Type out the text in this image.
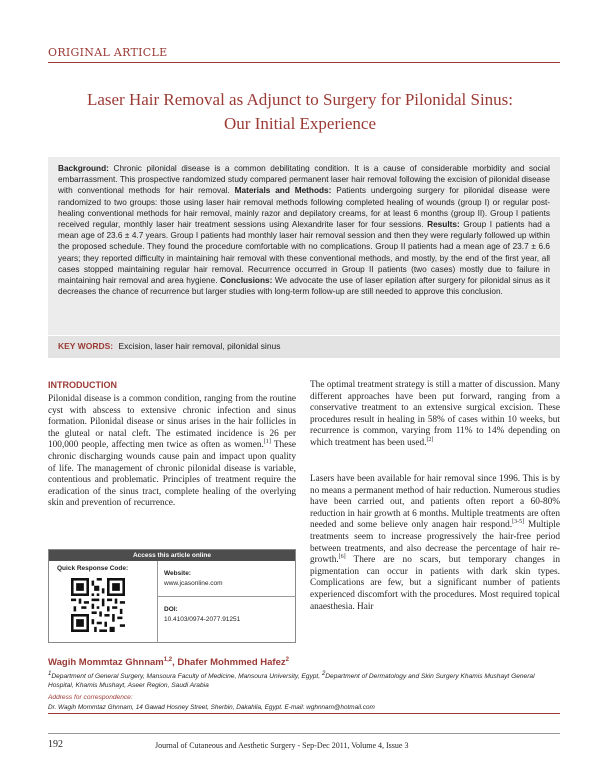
ORIGINAL ARTICLE
Laser Hair Removal as Adjunct to Surgery for Pilonidal Sinus:
Our Initial Experience
Background: Chronic pilonidal disease is a common debilitating condition. It is a cause of considerable morbidity and social embarrassment. This prospective randomized study compared permanent laser hair removal following the excision of pilonidal disease with conventional methods for hair removal. Materials and Methods: Patients undergoing surgery for pilonidal disease were randomized to two groups: those using laser hair removal methods following completed healing of wounds (group I) or regular post-healing conventional methods for hair removal, mainly razor and depilatory creams, for at least 6 months (group II). Group I patients received regular, monthly laser hair treatment sessions using Alexandrite laser for four sessions. Results: Group I patients had a mean age of 23.6 ± 4.7 years. Group I patients had monthly laser hair removal session and then they were regularly followed up within the proposed schedule. They found the procedure comfortable with no complications. Group II patients had a mean age of 23.7 ± 6.6 years; they reported difficulty in maintaining hair removal with these conventional methods, and mostly, by the end of the first year, all cases stopped maintaining regular hair removal. Recurrence occurred in Group II patients (two cases) mostly due to failure in maintaining hair removal and area hygiene. Conclusions: We advocate the use of laser epilation after surgery for pilonidal sinus as it decreases the chance of recurrence but larger studies with long-term follow-up are still needed to approve this conclusion.
KEY WORDS: Excision, laser hair removal, pilonidal sinus
INTRODUCTION
Pilonidal disease is a common condition, ranging from the routine cyst with abscess to extensive chronic infection and sinus formation. Pilonidal disease or sinus arises in the hair follicles in the gluteal or natal cleft. The estimated incidence is 26 per 100,000 people, affecting men twice as often as women.[1] These chronic discharging wounds cause pain and impact upon quality of life. The management of chronic pilonidal disease is variable, contentious and problematic. Principles of treatment require the eradication of the sinus tract, complete healing of the overlying skin and prevention of recurrence.
The optimal treatment strategy is still a matter of discussion. Many different approaches have been put forward, ranging from a conservative treatment to an extensive surgical excision. These procedures result in healing in 58% of cases within 10 weeks, but recurrence is common, varying from 11% to 14% depending on which treatment has been used.[2]
Lasers have been available for hair removal since 1996. This is by no means a permanent method of hair reduction. Numerous studies have been carried out, and patients often report a 60-80% reduction in hair growth at 6 months. Multiple treatments are often needed and some believe only anagen hair respond.[3-5] Multiple treatments seem to increase progressively the hair-free period between treatments, and also decrease the percentage of hair re-growth.[6] There are no scars, but temporary changes in pigmentation can occur in patients with dark skin types. Complications are few, but a significant number of patients experienced discomfort with the procedures. Most required topical anaesthesia. Hair
Access this article online
Quick Response Code:
Website:
www.jcasonline.com
DOI:
10.4103/0974-2077.91251
Wagih Mommtaz Ghnnam$^{1,2}$, Dhafer Mohmmed Hafez$^2$
$^1$Department of General Surgery, Mansoura Faculty of Medicine, Mansoura University, Egypt, $^2$Department of Dermatology and Skin Surgery Khamis Mushayt General Hospital, Khamis Mushayt, Aseer Region, Saudi Arabia
Address for correspondence:
Dr. Wagih Mommtaz Ghnnam, 14 Gawad Hosney Street, Sherbin, Dakahlia, Egypt. E-mail: wghnnam@hotmail.com
192	Journal of Cutaneous and Aesthetic Surgery - Sep-Dec 2011, Volume 4, Issue 3
